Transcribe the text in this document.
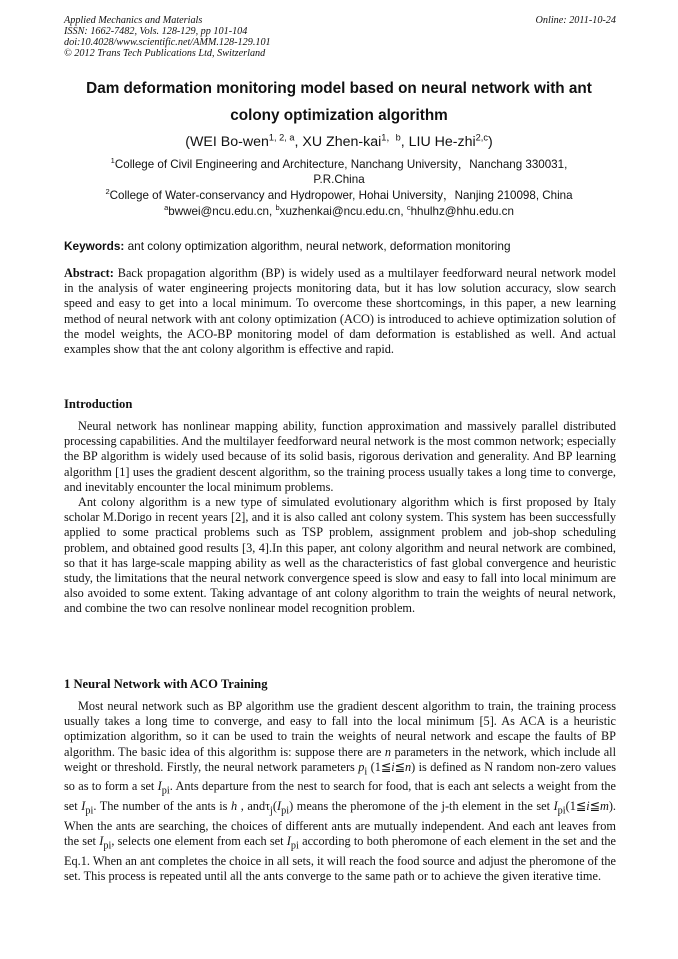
Applied Mechanics and Materials
ISSN: 1662-7482, Vols. 128-129, pp 101-104
doi:10.4028/www.scientific.net/AMM.128-129.101
© 2012 Trans Tech Publications Ltd, Switzerland
Online: 2011-10-24
Dam deformation monitoring model based on neural network with ant
colony optimization algorithm
(WEI Bo-wen$^{1, 2, a}$, XU Zhen-kai$^{1,b}$, LIU He-zhi$^{2,c}$)
$^1$College of Civil Engineering and Architecture, Nanchang University，Nanchang 330031,
P.R.China
$^2$College of Water-conservancy and Hydropower, Hohai University，Nanjing 210098, China
$^a$bwwei@ncu.edu.cn, $^b$xuzhenkai@ncu.edu.cn, $^c$hhulhz@hhu.edu.cn
Keywords: ant colony optimization algorithm, neural network, deformation monitoring

Abstract: Back propagation algorithm (BP) is widely used as a multilayer feedforward neural network model in the analysis of water engineering projects monitoring data, but it has low solution accuracy, slow search speed and easy to get into a local minimum. To overcome these shortcomings, in this paper, a new learning method of neural network with ant colony optimization (ACO) is introduced to achieve optimization solution of the model weights, the ACO-BP monitoring model of dam deformation is established as well. And actual examples show that the ant colony algorithm is effective and rapid.

Introduction

Neural network has nonlinear mapping ability, function approximation and massively parallel distributed processing capabilities. And the multilayer feedforward neural network is the most common network; especially the BP algorithm is widely used because of its solid basis, rigorous derivation and generality. And BP learning algorithm [1] uses the gradient descent algorithm, so the training process usually takes a long time to converge, and inevitably encounter the local minimum problems.

Ant colony algorithm is a new type of simulated evolutionary algorithm which is first proposed by Italy scholar M.Dorigo in recent years [2], and it is also called ant colony system. This system has been successfully applied to some practical problems such as TSP problem, assignment problem and job-shop scheduling problem, and obtained good results [3, 4].In this paper, ant colony algorithm and neural network are combined, so that it has large-scale mapping ability as well as the characteristics of fast global convergence and heuristic study, the limitations that the neural network convergence speed is slow and easy to fall into local minimum are also avoided to some extent. Taking advantage of ant colony algorithm to train the weights of neural network, and combine the two can resolve nonlinear model recognition problem.

1 Neural Network with ACO Training

Most neural network such as BP algorithm use the gradient descent algorithm to train, the training process usually takes a long time to converge, and easy to fall into the local minimum [5]. As ACA is a heuristic optimization algorithm, so it can be used to train the weights of neural network and escape the faults of BP algorithm. The basic idea of this algorithm is: suppose there are n parameters in the network, which include all weight or threshold. Firstly, the neural network parameters $p_i$ (1≦i≦n) is defined as N random non-zero values so as to form a set $I_{pi}$. Ants departure from the nest to search for food, that is each ant selects a weight from the set $I_{pi}$. The number of the ants is h , $and\tau_j(I_{pi})$ means the pheromone of the j-th element in the set $I_{pi}(1≦i≦m)$. When the ants are searching, the choices of different ants are mutually independent. And each ant leaves from the set $I_{pi}$, selects one element from each set $I_{pi}$ according to both pheromone of each element in the set and the Eq.1. When an ant completes the choice in all sets, it will reach the food source and adjust the pheromone of the set. This process is repeated until all the ants converge to the same path or to achieve the given iterative time.
